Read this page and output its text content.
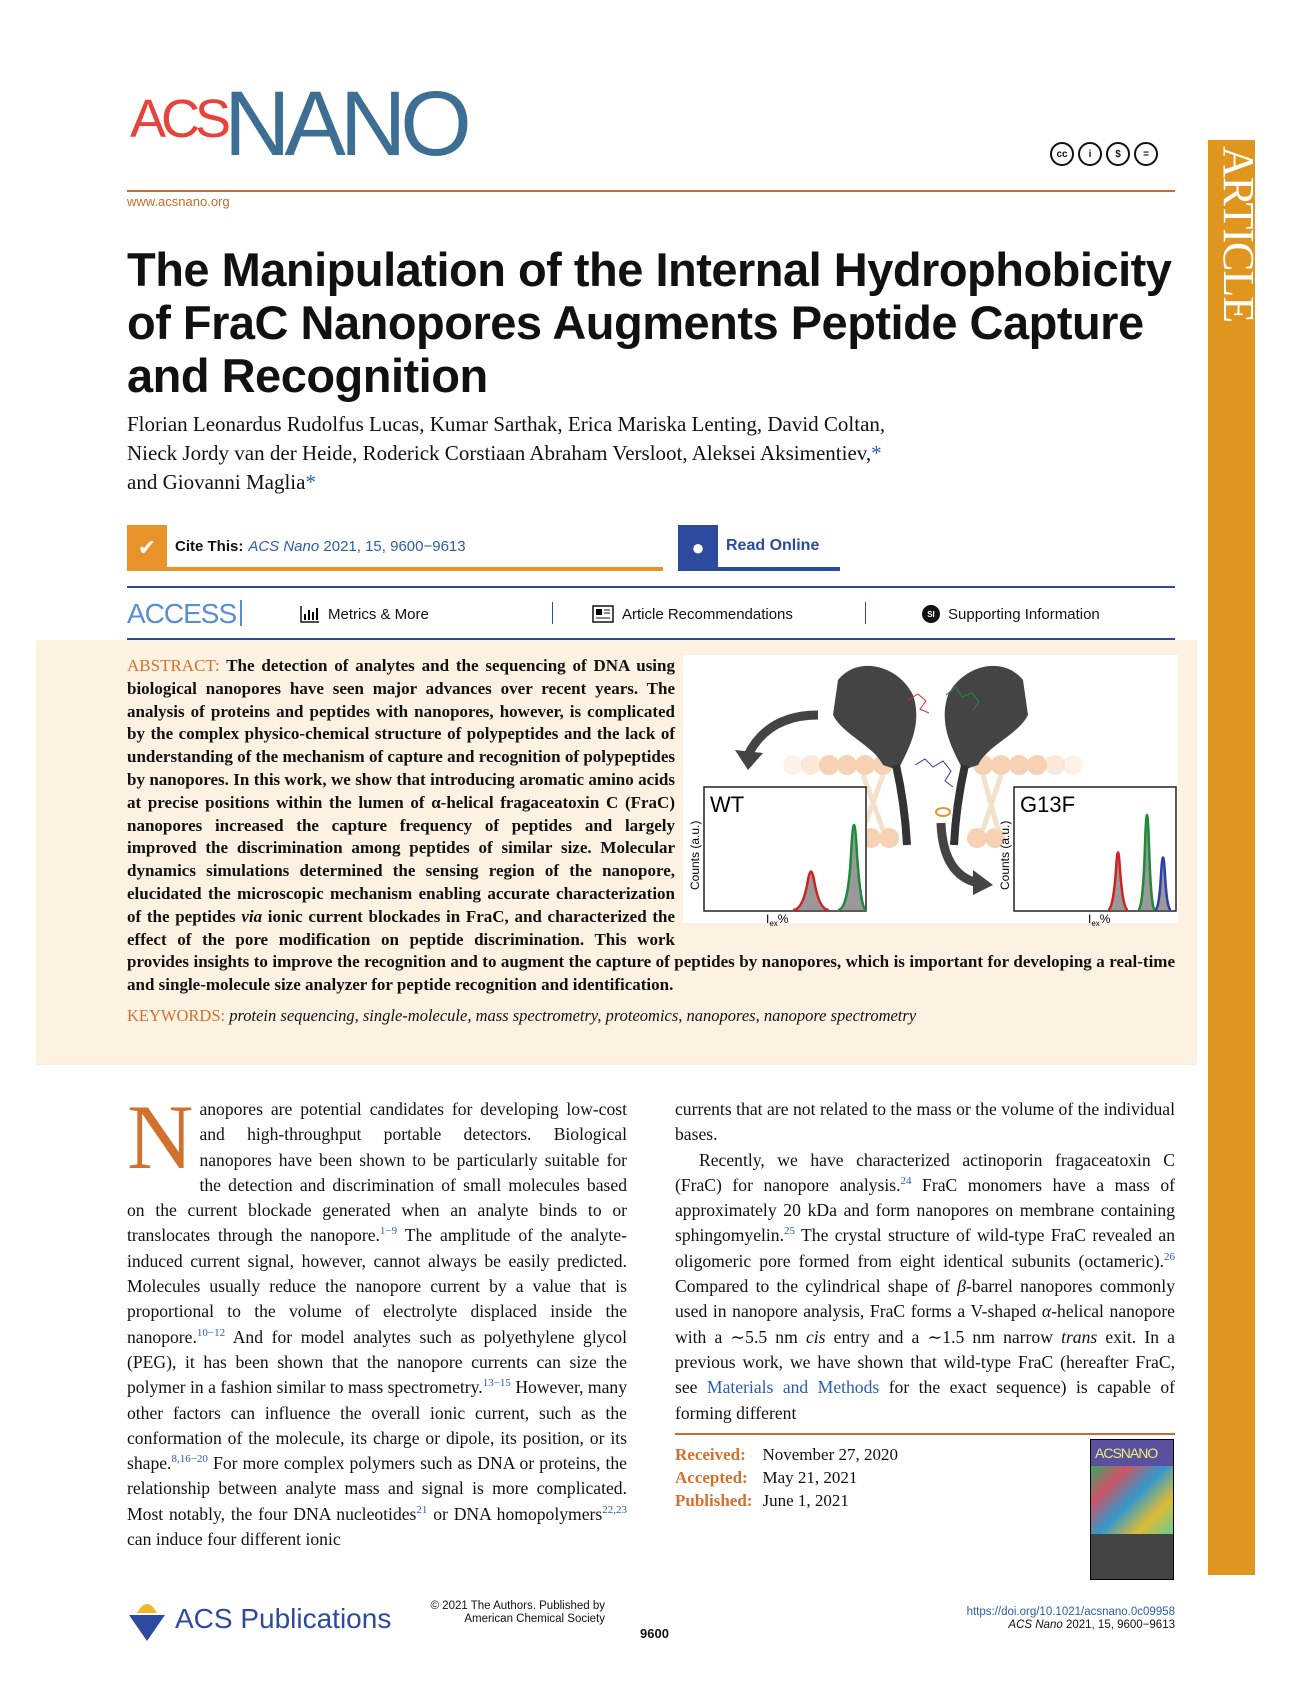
ACSNANO	cc	i	$	=
www.acsnano.org	ARTICLE
The Manipulation of the Internal Hydrophobicity of FraC Nanopores Augments Peptide Capture and Recognition
Florian Leonardus Rudolfus Lucas, Kumar Sarthak, Erica Mariska Lenting, David Coltan,
Nieck Jordy van der Heide, Roderick Corstiaan Abraham Versloot, Aleksei Aksimentiev,*
and Giovanni Maglia*
✔	Cite This: ACS Nano
2021, 15, 9600−9613	●	Read Online
ACCESS	Metrics & More	Article Recommendations	SI Supporting Information
WT	G13F
Counts (a.u.)	Counts (a.u.)
$I_{ex}\%$	$I_{ex}\%$

ABSTRACT: The detection of analytes and the sequencing of DNA using biological nanopores have seen major advances over recent years. The analysis of proteins and peptides with nanopores, however, is complicated by the complex physico-chemical structure of polypeptides and the lack of understanding of the mechanism of capture and recognition of polypeptides by nanopores. In this work, we show that introducing aromatic amino acids at precise positions within the lumen of α-helical fragaceatoxin C (FraC) nanopores increased the capture frequency of peptides and largely improved the discrimination among peptides of similar size. Molecular dynamics simulations determined the sensing region of the nanopore, elucidated the microscopic mechanism enabling accurate characterization of the peptides via ionic current blockades in FraC, and characterized the effect of the pore modification on peptide discrimination. This work provides insights to improve the recognition and to augment the capture of peptides by nanopores, which is important for developing a real-time and single-molecule size analyzer for peptide recognition and identification.

KEYWORDS: protein sequencing, single-molecule, mass spectrometry, proteomics, nanopores, nanopore spectrometry
N anopores are potential candidates for developing low-cost and high-throughput portable detectors. Biological nanopores have been shown to be particularly suitable for the detection and discrimination of small molecules based on the current blockade generated when an analyte binds to or translocates through the nanopore.$^{1-9}$ The amplitude of the analyte-induced current signal, however, cannot always be easily predicted. Molecules usually reduce the nanopore current by a value that is proportional to the volume of electrolyte displaced inside the nanopore.$^{10-12}$ And for model analytes such as polyethylene glycol (PEG), it has been shown that the nanopore currents can size the polymer in a fashion similar to mass spectrometry.$^{13-15}$ However, many other factors can influence the overall ionic current, such as the conformation of the molecule, its charge or dipole, its position, or its shape.$^{8,16-20}$ For more complex polymers such as DNA or proteins, the relationship between analyte mass and signal is more complicated. Most notably, the four DNA nucleotides$^{21}$ or DNA homopolymers$^{22,23}$ can induce four different ionic

currents that are not related to the mass or the volume of the individual bases.

Recently, we have characterized actinoporin fragaceatoxin C (FraC) for nanopore analysis.$^{24}$ FraC monomers have a mass of approximately 20 kDa and form nanopores on membrane containing sphingomyelin.$^{25}$ The crystal structure of wild-type FraC revealed an oligomeric pore formed from eight identical subunits (octameric).$^{26}$ Compared to the cylindrical shape of β-barrel nanopores commonly used in nanopore analysis, FraC forms a V-shaped α-helical nanopore with a ∼5.5 nm cis entry and a ∼1.5 nm narrow trans exit. In a previous work, we have shown that wild-type FraC (hereafter FraC, see Materials and Methods for the exact sequence) is capable of forming different

Received:	November 27, 2020
Accepted:	May 21, 2021
Published:	June 1, 2021
ACSNANO
ACS Publications	© 2021 The Authors. Published by
American Chemical Society
9600
https://doi.org/10.1021/acsnano.0c09958
ACS Nano 2021, 15, 9600−9613
